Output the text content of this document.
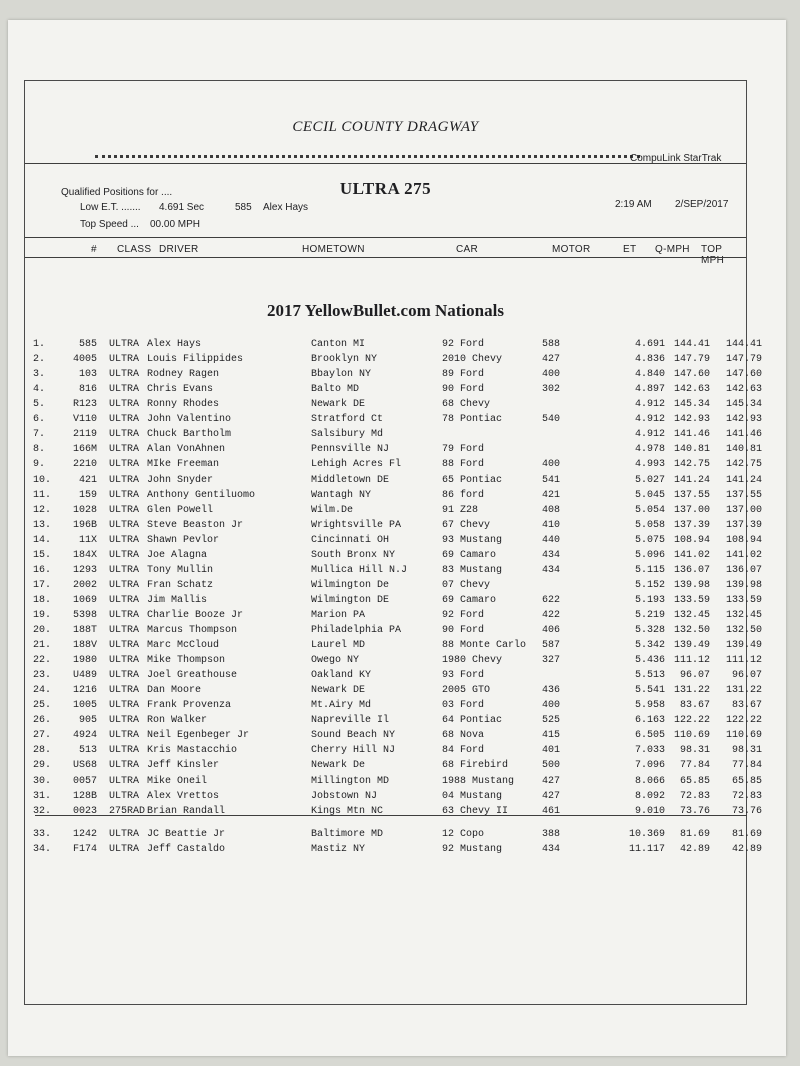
CECIL COUNTY DRAGWAY
CompuLink StarTrak
ULTRA 275
Qualified Positions for ....
Low E.T. ....... 4.691 Sec	585 Alex Hays
Top Speed ... 00.00 MPH
2:19 AM 2/SEP/2017
# CLASS DRIVER	HOMETOWN	CAR	MOTOR	ET Q-MPH TOP MPH
2017 YellowBullet.com Nationals
1.	585 ULTRA Alex Hays	Canton MI	92 Ford	588	4.691 144.41	144.41
2.	4005 ULTRA Louis Filippides	Brooklyn NY	2010 Chevy	427	4.836 147.79	147.79
3.	103 ULTRA Rodney Ragen	Bbaylon NY	89 Ford	400	4.840 147.60	147.60
4.	816 ULTRA Chris Evans	Balto MD	90 Ford	302	4.897 142.63	142.63
5.	R123 ULTRA Ronny Rhodes	Newark DE	68 Chevy	4.912 145.34	145.34
6.	V110 ULTRA John Valentino	Stratford Ct	78 Pontiac	540	4.912 142.93	142.93
7.	2119 ULTRA Chuck Bartholm	Salsibury Md	4.912 141.46	141.46
8.	166M ULTRA Alan VonAhnen	Pennsville NJ	79 Ford	4.978 140.81	140.81
9.	2210 ULTRA MIke Freeman	Lehigh Acres Fl	88 Ford	400	4.993 142.75	142.75
10.	421 ULTRA John Snyder	Middletown DE	65 Pontiac	541	5.027 141.24	141.24
11.	159 ULTRA Anthony Gentiluomo	Wantagh NY	86 ford	421	5.045 137.55	137.55
12.	1028 ULTRA Glen Powell	Wilm.De	91 Z28	408	5.054 137.00	137.00
13.	196B ULTRA Steve Beaston Jr	Wrightsville PA	67 Chevy	410	5.058 137.39	137.39
14.	11X ULTRA Shawn Pevlor	Cincinnati OH	93 Mustang	440	5.075 108.94	108.94
15.	184X ULTRA Joe Alagna	South Bronx NY	69 Camaro	434	5.096 141.02	141.02
16.	1293 ULTRA Tony Mullin	Mullica Hill N.J	83 Mustang	434	5.115 136.07	136.07
17.	2002 ULTRA Fran Schatz	Wilmington De	07 Chevy	5.152 139.98	139.98
18.	1069 ULTRA Jim Mallis	Wilmington DE	69 Camaro	622	5.193 133.59	133.59
19.	5398 ULTRA Charlie Booze Jr	Marion PA	92 Ford	422	5.219 132.45	132.45
20.	188T ULTRA Marcus Thompson	Philadelphia PA	90 Ford	406	5.328 132.50	132.50
21.	188V ULTRA Marc McCloud	Laurel MD	88 Monte Carlo 587	5.342 139.49	139.49
22.	1980 ULTRA Mike Thompson	Owego NY	1980 Chevy	327	5.436 111.12	111.12
23.	U489 ULTRA Joel Greathouse	Oakland KY	93 Ford	5.513	96.07	96.07
24.	1216 ULTRA Dan Moore	Newark DE	2005 GTO	436	5.541 131.22	131.22
25.	1005 ULTRA Frank Provenza	Mt.Airy Md	03 Ford	400	5.958	83.67	83.67
26.	905 ULTRA Ron Walker	Napreville Il	64 Pontiac	525	6.163 122.22	122.22
27.	4924 ULTRA Neil Egenbeger Jr	Sound Beach NY	68 Nova	415	6.505 110.69	110.69
28.	513 ULTRA Kris Mastacchio	Cherry Hill NJ	84 Ford	401	7.033	98.31	98.31
29.	US68 ULTRA Jeff Kinsler	Newark De	68 Firebird	500	7.096	77.84	77.84
30.	0057 ULTRA Mike Oneil	Millington MD	1988 Mustang	427	8.066	65.85	65.85
31.	128B ULTRA Alex Vrettos	Jobstown NJ	04 Mustang	427	8.092	72.83	72.83
32.	0023 275RAD Brian Randall	Kings Mtn NC	63 Chevy II	461	9.010	73.76	73.76
33.	1242 ULTRA JC Beattie Jr	Baltimore MD	12 Copo	388	10.369	81.69	81.69
34.	F174 ULTRA Jeff Castaldo	Mastiz NY	92 Mustang	434	11.117	42.89	42.89
